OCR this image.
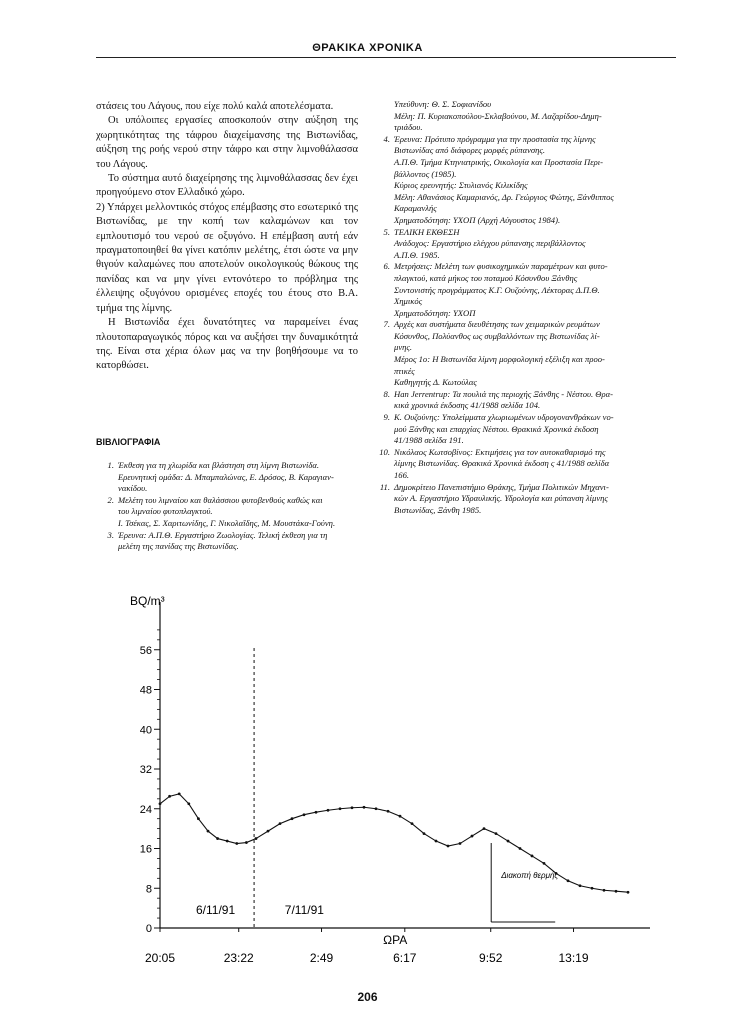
ΘΡΑΚΙΚΑ ΧΡΟΝΙΚΑ

στάσεις του Λάγους, που είχε πολύ καλά αποτελέσματα.

Οι υπόλοιπες εργασίες αποσκοπούν στην αύξηση της χωρητικότητας της τάφρου διαχείμανσης της Βιστωνίδας, αύξηση της ροής νερού στην τάφρο και στην λιμνοθάλασσα του Λάγους.

Το σύστημα αυτό διαχείρησης της λιμνοθάλασσας δεν έχει προηγούμενο στον Ελλαδικό χώρο.

2) Υπάρχει μελλοντικός στόχος επέμβασης στο εσωτερικό της Βιστωνίδας, με την κοπή των καλαμώνων και τον εμπλουτισμό του νερού σε οξυγόνο. Η επέμβαση αυτή εάν πραγματοποιηθεί θα γίνει κατόπιν μελέτης, έτσι ώστε να μην θιγούν καλαμώνες που αποτελούν οικολογικούς θώκους της πανίδας και να μην γίνει εντονότερο το πρόβλημα της έλλειψης οξυγόνου ορισμένες εποχές του έτους στο Β.Α. τμήμα της λίμνης.

Η Βιστωνίδα έχει δυνατότητες να παραμείνει ένας πλουτοπαραγωγικός πόρος και να αυξήσει την δυναμικότητά της. Είναι στα χέρια όλων μας να την βοηθήσουμε να το κατορθώσει.

ΒΙΒΛΙΟΓΡΑΦΙΑ
1. Έκθεση για τη χλωρίδα και βλάστηση στη λίμνη Βιστωνίδα.
Ερευνητική ομάδα: Δ. Μπαμπαλώνας, Ε. Δρόσος, Β. Καραγιαν-
νακίδου.
2. Μελέτη του λιμναίου και θαλάσσιου φυτοβενθούς καθώς και
του λιμναίου φυτοπλαγκτού.
Ι. Τσέκας, Σ. Χαριτωνίδης, Γ. Νικολαΐδης, Μ. Μουστάκα-Γούνη.
3. Έρευνα: Α.Π.Θ. Εργαστήριο Ζωολογίας. Τελική έκθεση για τη
μελέτη της πανίδας της Βιστωνίδας.
Υπεύθυνη: Θ. Σ. Σοφιανίδου
Μέλη: Π. Κυριακοπούλου-Σκλαβούνου, Μ. Λαζαρίδου-Δημη-
τριάδου.
4. Έρευνα: Πρότυπο πρόγραμμα για την προστασία της λίμνης
Βιστωνίδας από διάφορες μορφές ρύπανσης.
Α.Π.Θ. Τμήμα Κτηνιατρικής, Οικολογία και Προστασία Περι-
βάλλοντος (1985).
Κύριος ερευνητής: Στυλιανός Κιλικίδης
Μέλη: Αθανάσιος Καμαριανός, Δρ. Γεώργιος Φώτης, Ξάνθιππος
Καραμανλής
Χρηματοδότηση: ΥΧΟΠ (Αρχή Αύγουστος 1984).
5. ΤΕΛΙΚΗ ΕΚΘΕΣΗ
Ανάδοχος: Εργαστήριο ελέγχου ρύπανσης περιβάλλοντος
Α.Π.Θ. 1985.
6. Μετρήσεις: Μελέτη των φυσικοχημικών παραμέτρων και φυτο-
πλαγκτού, κατά μήκος του ποταμού Κόσυνθου Ξάνθης
Συντονιστής προγράμματος Κ.Γ. Ουζούνης, Λέκτορας Δ.Π.Θ.
Χημικός
Χρηματοδότηση: ΥΧΟΠ
7. Αρχές και συστήματα διευθέτησης των χειμαρικών ρευμάτων
Κόσυνθος, Πολύανθος ως συμβαλλόντων της Βιστωνίδας λί-
μνης.
Μέρος 1ο: Η Βιστωνίδα λίμνη μορφολογική εξέλιξη και προο-
πτικές
Καθηγητής Δ. Κωτούλας
8. Han Jerrentrup: Τα πουλιά της περιοχής Ξάνθης - Νέστου. Θρα-
κικά χρονικά έκδοσης 41/1988 σελίδα 104.
9. Κ. Ουζούνης: Υπολείμματα χλωριωμένων υδρογονανθράκων νο-
μού Ξάνθης και επαρχίας Νέστου. Θρακικά Χρονικά έκδοση
41/1988 σελίδα 191.
10. Νικόλαος Κωτσοβίνος: Εκτιμήσεις για τον αυτοκαθαρισμό της
λίμνης Βιστωνίδας. Θρακικά Χρονικά έκδοση ς 41/1988 σελίδα
166.
11. Δημοκρίτειο Πανεπιστήμιο Θράκης, Τμήμα Πολιτικών Μηχανι-
κών Α. Εργαστήριο Υδραυλικής. Υδρολογία και ρύπανση λίμνης
Βιστωνίδας, Ξάνθη 1985.
BQ/m³
0
8
16
24
32
40
48
56
20:05	23:22	2:49	6:17	9:52	13:19
ΩΡΑ
6/11/91	7/11/91
Διακοπή θερμής
206
